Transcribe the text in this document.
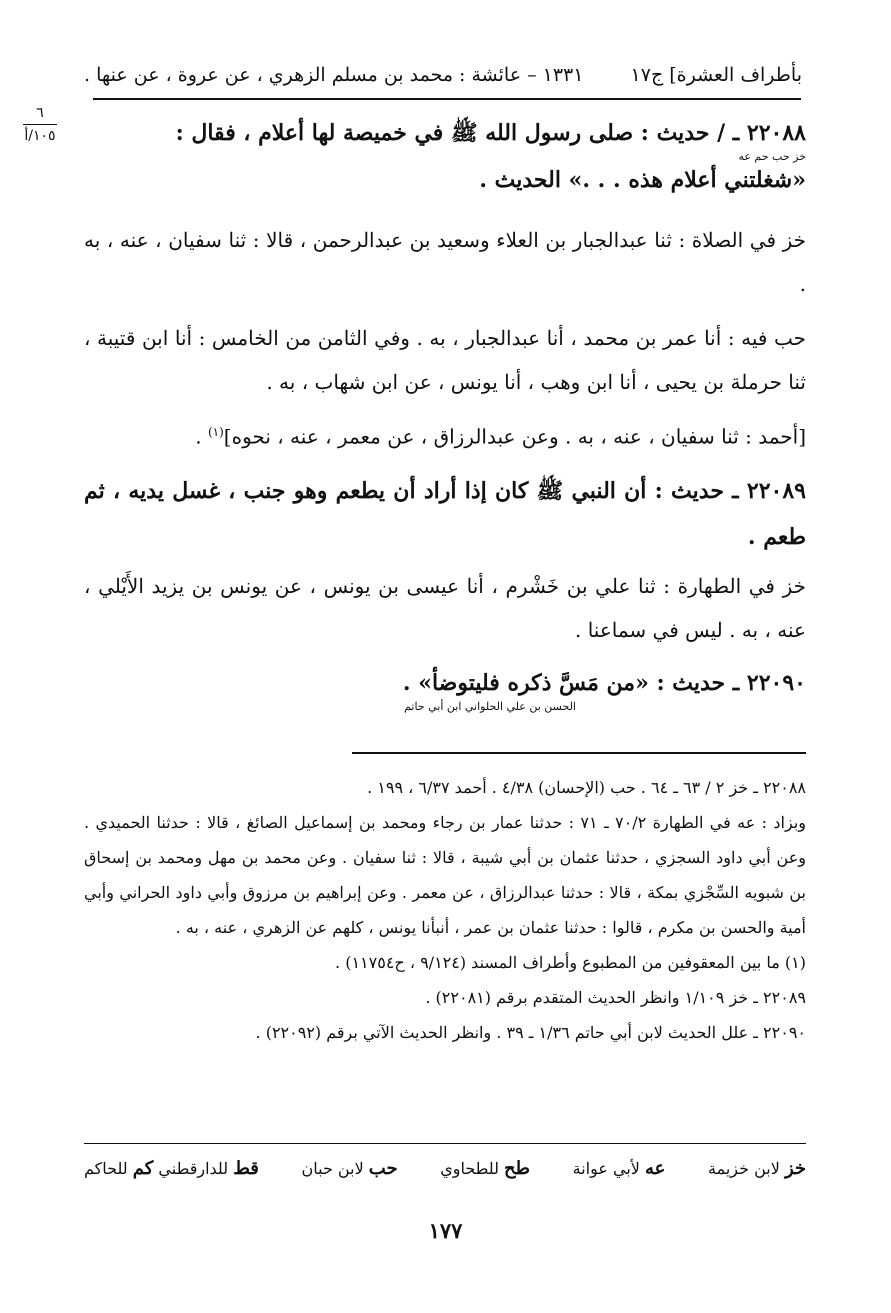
بأطراف العشرة] ج١٧
١٣٣١ – عائشة : محمد بن مسلم الزهري ، عن عروة ، عن عنها .
٦
١٠٥/أ	٢٢٠٨٨ ـ / حديث : صلى رسول الله ﷺ في خميصة لها أعلام ، فقال :

خز حب حم عه

«شغلتني أعلام هذه . . .» الحديث .

خز في الصلاة : ثنا عبدالجبار بن العلاء وسعيد بن عبدالرحمن ، قالا : ثنا سفيان ، عنه ، به .

حب فيه : أنا عمر بن محمد ، أنا عبدالجبار ، به . وفي الثامن من الخامس : أنا ابن قتيبة ، ثنا حرملة بن يحيى ، أنا ابن وهب ، أنا يونس ، عن ابن شهاب ، به .

[أحمد : ثنا سفيان ، عنه ، به . وعن عبدالرزاق ، عن معمر ، عنه ، نحوه]$^{(١)}$ .

٢٢٠٨٩ ـ حديث : أن النبي ﷺ كان إذا أراد أن يطعم وهو جنب ، غسل يديه ، ثم طعم .

خز في الطهارة : ثنا علي بن خَشْرم ، أنا عيسى بن يونس ، عن يونس بن يزيد الأَيْلي ، عنه ، به . ليس في سماعنا .

٢٢٠٩٠ ـ حديث : «من مَسَّ ذكره فليتوضأ» .

الحسن بن علي الحلواني ابن أبي حاتم

٢٢٠٨٨ ـ خز ٢ / ٦٣ ـ ٦٤ . حب (الإحسان) ٤/٣٨ . أحمد ٦/٣٧ ، ١٩٩ .

وبزاد : عه في الطهارة ٧٠/٢ ـ ٧١ : حدثنا عمار بن رجاء ومحمد بن إسماعيل الصائغ ، قالا : حدثنا الحميدي . وعن أبي داود السجزي ، حدثنا عثمان بن أبي شيبة ، قالا : ثنا سفيان . وعن محمد بن مهل ومحمد بن إسحاق بن شبويه السِّجْزي بمكة ، قالا : حدثنا عبدالرزاق ، عن معمر . وعن إبراهيم بن مرزوق وأبي داود الحراني وأبي أمية والحسن بن مكرم ، قالوا : حدثنا عثمان بن عمر ، أنبأنا يونس ، كلهم عن الزهري ، عنه ، به .

(١) ما بين المعقوفين من المطبوع وأطراف المسند (٩/١٢٤ ، ح١١٧٥٤) .

٢٢٠٨٩ ـ خز ١/١٠٩ وانظر الحديث المتقدم برقم (٢٢٠٨١) .

٢٢٠٩٠ ـ علل الحديث لابن أبي حاتم ١/٣٦ ـ ٣٩ . وانظر الحديث الآتي برقم (٢٢٠٩٢) .

خز لابن خزيمة
عه لأبي عوانة
طح للطحاوي
حب لابن حبان
قط للدارقطني كم للحاكم
١٧٧
